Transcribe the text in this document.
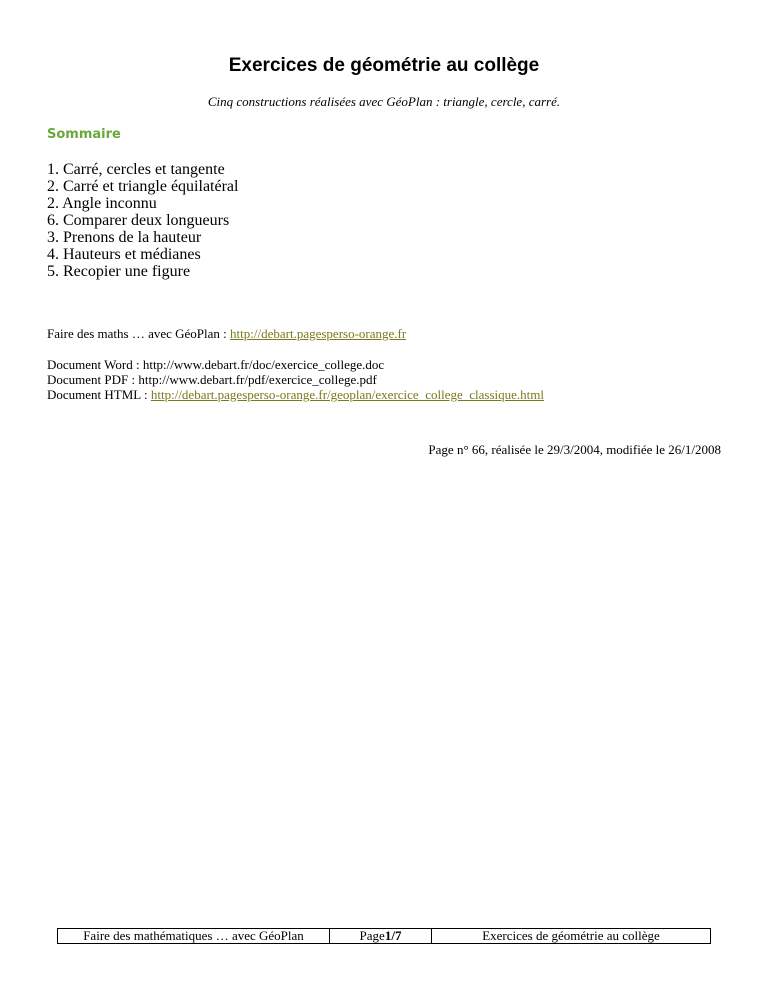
Exercices de géométrie au collège
Cinq constructions réalisées avec GéoPlan : triangle, cercle, carré.
Sommaire
1. Carré, cercles et tangente
2. Carré et triangle équilatéral
2. Angle inconnu
6. Comparer deux longueurs
3. Prenons de la hauteur
4. Hauteurs et médianes
5. Recopier une figure
Faire des maths … avec GéoPlan : http://debart.pagesperso-orange.fr
Document Word : http://www.debart.fr/doc/exercice_college.doc
Document PDF : http://www.debart.fr/pdf/exercice_college.pdf
Document HTML : http://debart.pagesperso-orange.fr/geoplan/exercice_college_classique.html
Page n° 66, réalisée le 29/3/2004, modifiée le 26/1/2008
Faire des mathématiques … avec GéoPlan	Page 1 /7	Exercices de géométrie au collège
